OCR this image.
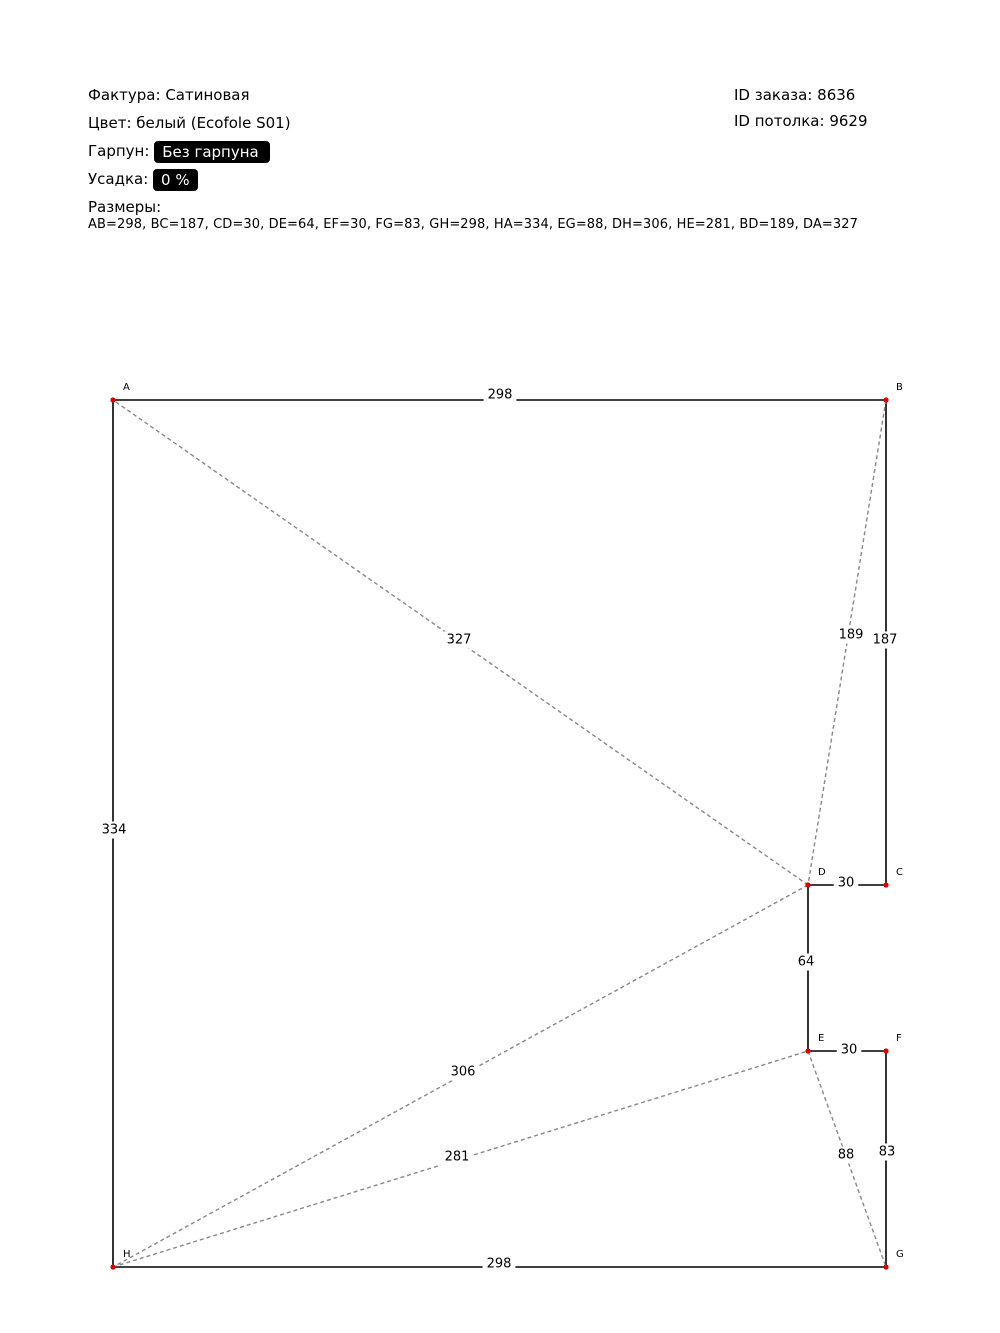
Фактура: Сатиновая
Цвет: белый (Ecofole S01)
Гарпун: Без гарпуна
Усадка: 0 %
Размеры:
AB=298, BC=187, CD=30, DE=64, EF=30, FG=83, GH=298, HA=334, EG=88, DH=306, HE=281, BD=189, DA=327
ID заказа: 8636
ID потолка: 9629
298
187
30
64
30
83
298
334
88
306
281
189
327
A	B
C
D
E	F
G
H
